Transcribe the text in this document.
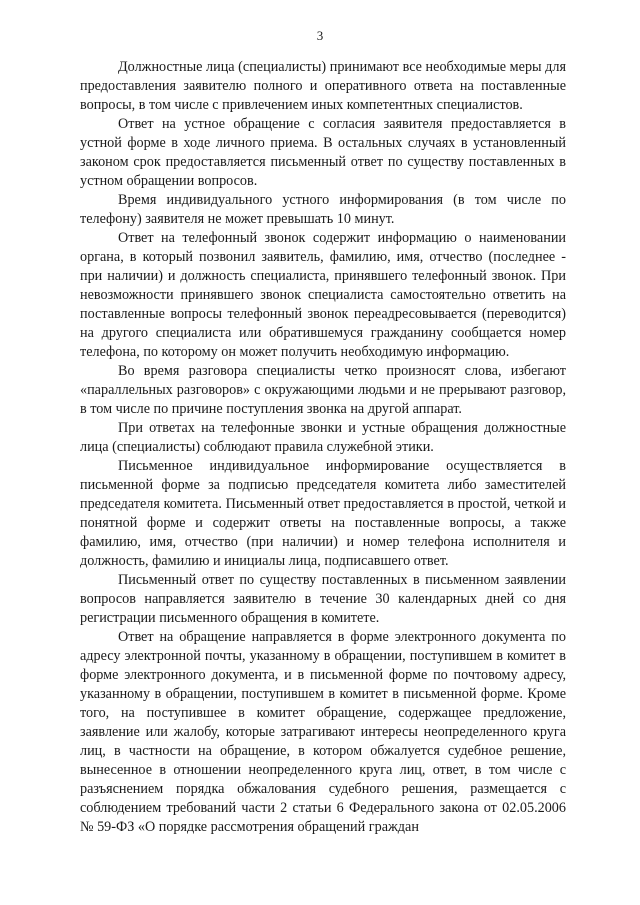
3

Должностные лица (специалисты) принимают все необходимые меры для предоставления заявителю полного и оперативного ответа на поставленные вопросы, в том числе с привлечением иных компетентных специалистов.

Ответ на устное обращение с согласия заявителя предоставляется в устной форме в ходе личного приема. В остальных случаях в установленный законом срок предоставляется письменный ответ по существу поставленных в устном обращении вопросов.

Время индивидуального устного информирования (в том числе по телефону) заявителя не может превышать 10 минут.

Ответ на телефонный звонок содержит информацию о наименовании органа, в который позвонил заявитель, фамилию, имя, отчество (последнее - при наличии) и должность специалиста, принявшего телефонный звонок. При невозможности принявшего звонок специалиста самостоятельно ответить на поставленные вопросы телефонный звонок переадресовывается (переводится) на другого специалиста или обратившемуся гражданину сообщается номер телефона, по которому он может получить необходимую информацию.

Во время разговора специалисты четко произносят слова, избегают «параллельных разговоров» с окружающими людьми и не прерывают разговор, в том числе по причине поступления звонка на другой аппарат.

При ответах на телефонные звонки и устные обращения должностные лица (специалисты) соблюдают правила служебной этики.

Письменное индивидуальное информирование осуществляется в письменной форме за подписью председателя комитета либо заместителей председателя комитета. Письменный ответ предоставляется в простой, четкой и понятной форме и содержит ответы на поставленные вопросы, а также фамилию, имя, отчество (при наличии) и номер телефона исполнителя и должность, фамилию и инициалы лица, подписавшего ответ.

Письменный ответ по существу поставленных в письменном заявлении вопросов направляется заявителю в течение 30 календарных дней со дня регистрации письменного обращения в комитете.

Ответ на обращение направляется в форме электронного документа по адресу электронной почты, указанному в обращении, поступившем в комитет в форме электронного документа, и в письменной форме по почтовому адресу, указанному в обращении, поступившем в комитет в письменной форме. Кроме того, на поступившее в комитет обращение, содержащее предложение, заявление или жалобу, которые затрагивают интересы неопределенного круга лиц, в частности на обращение, в котором обжалуется судебное решение, вынесенное в отношении неопределенного круга лиц, ответ, в том числе с разъяснением порядка обжалования судебного решения, размещается с соблюдением требований части 2 статьи 6 Федерального закона от 02.05.2006 № 59-ФЗ «О порядке рассмотрения обращений граждан
